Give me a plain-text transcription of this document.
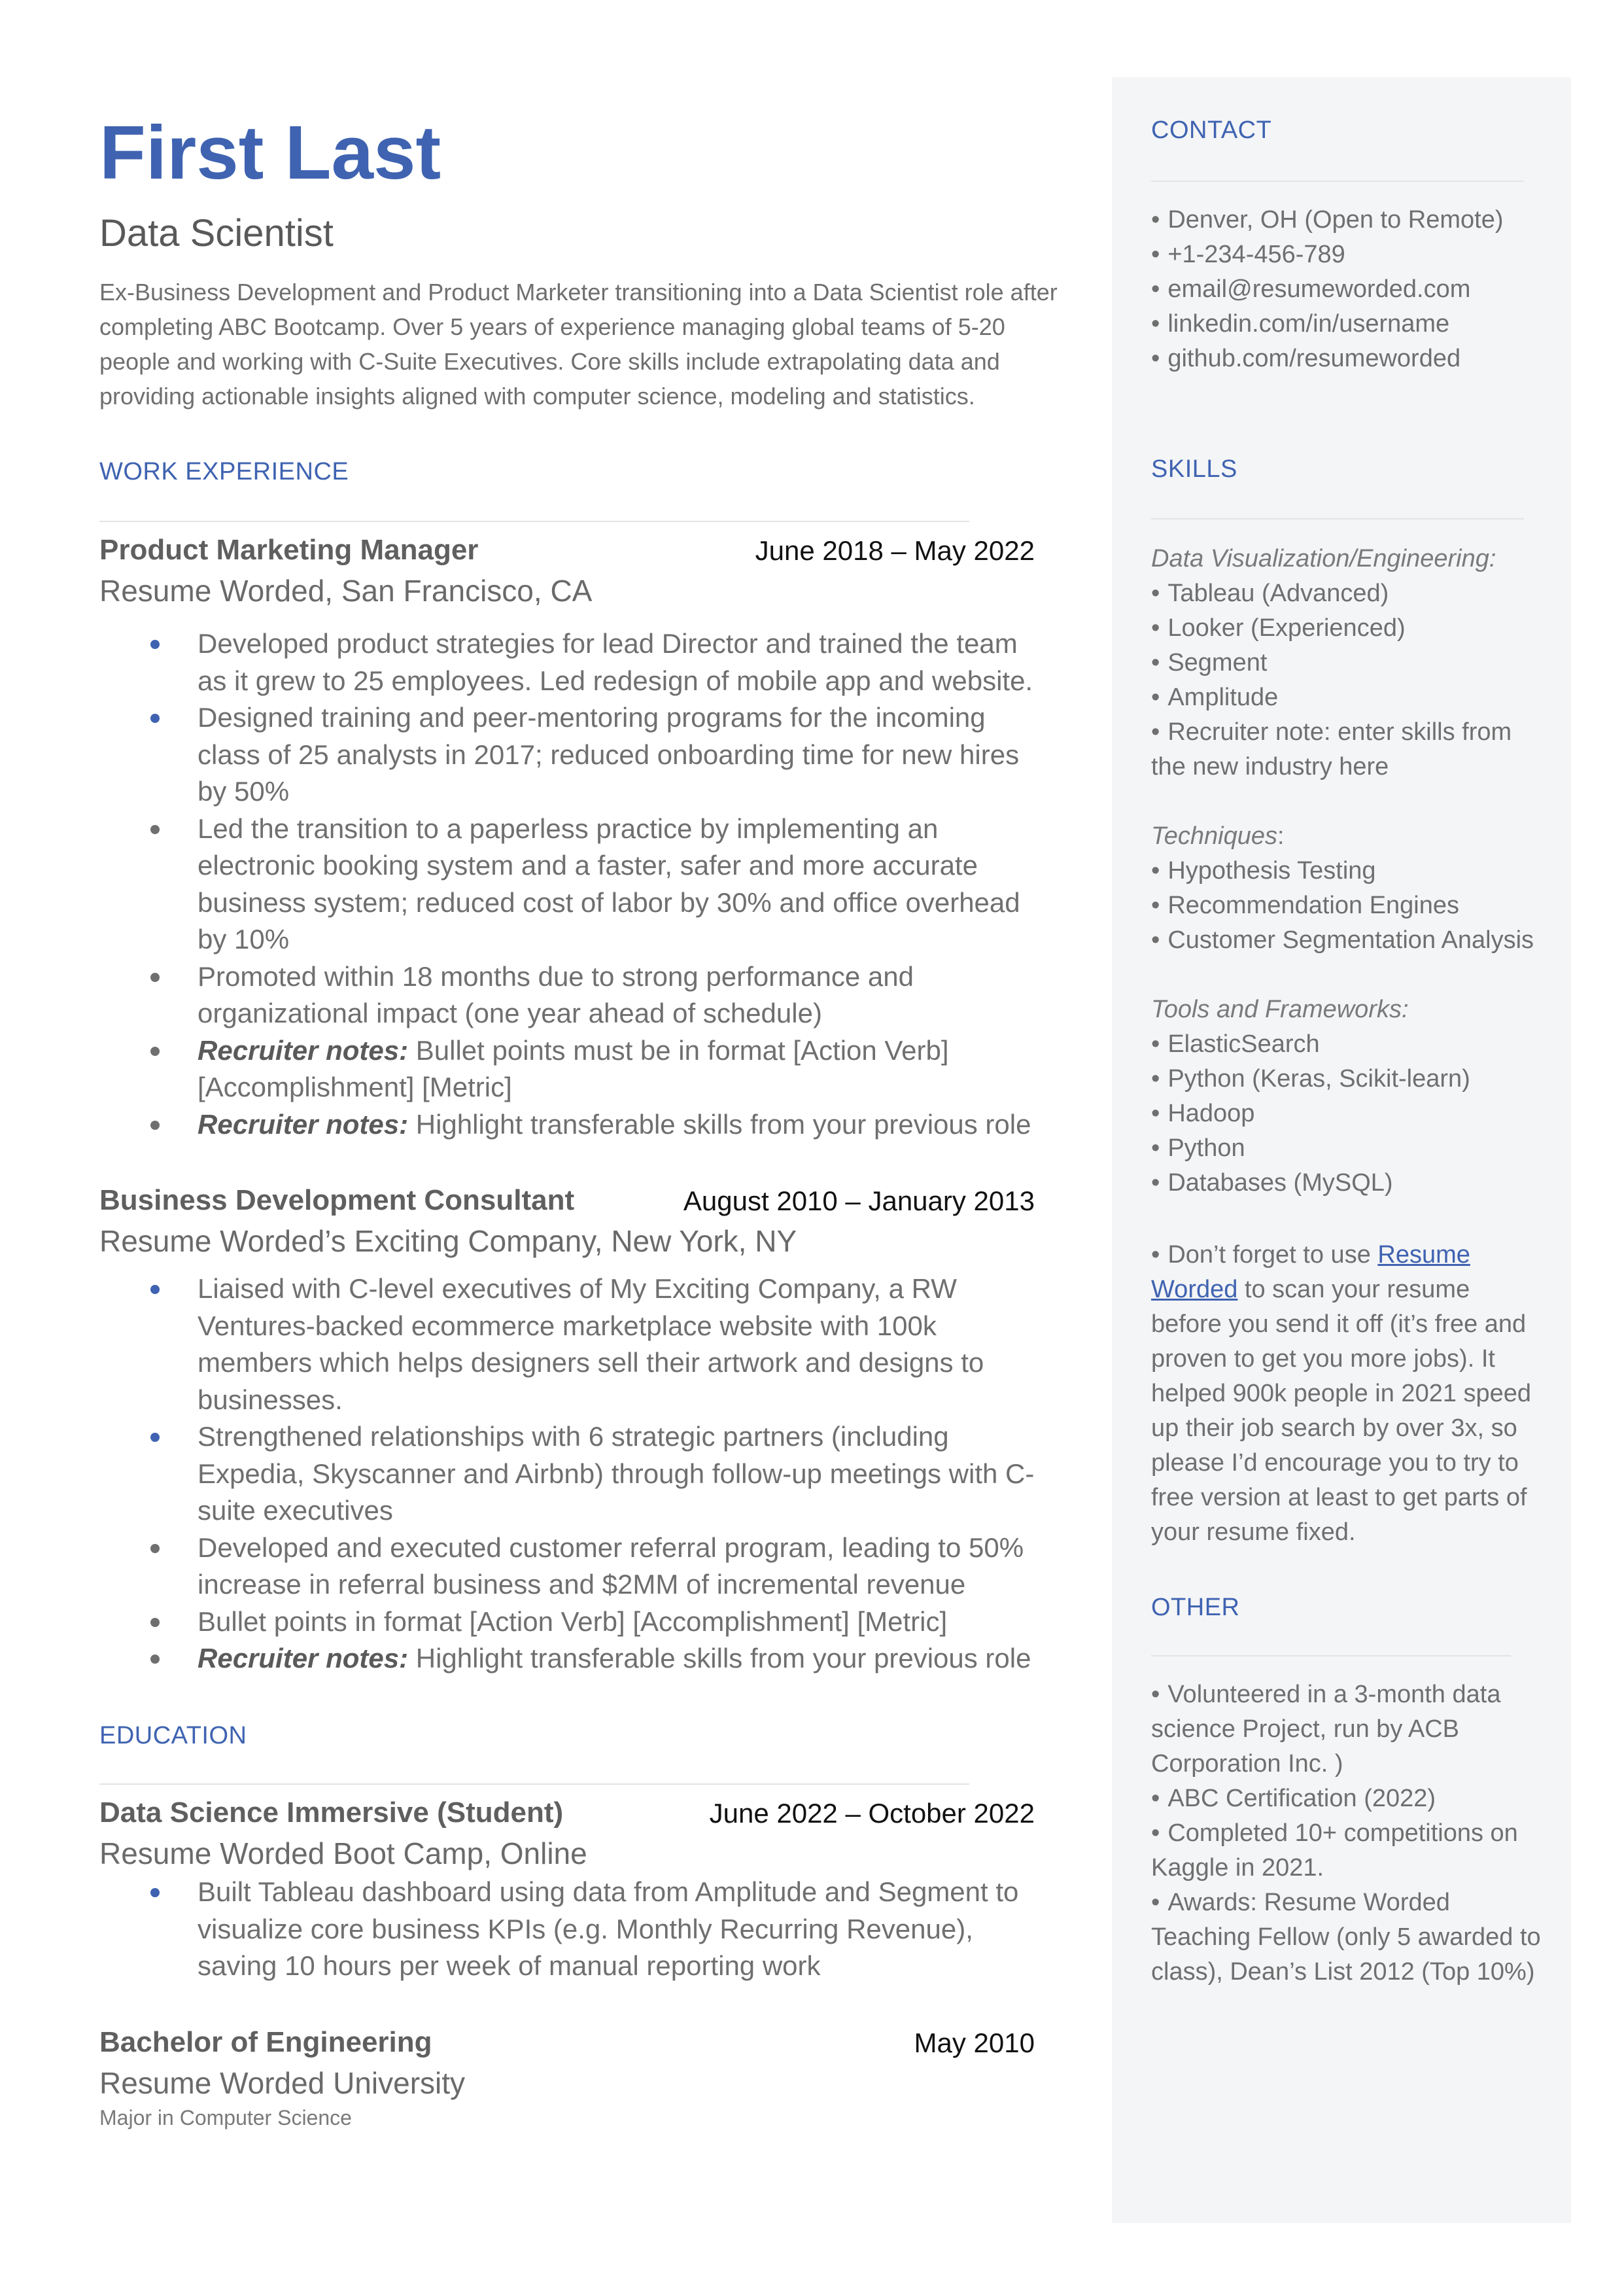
First Last
Data Scientist
Ex-Business Development and Product Marketer transitioning into a Data Scientist role after completing ABC Bootcamp. Over 5 years of experience managing global teams of 5-20 people and working with C-Suite Executives. Core skills include extrapolating data and providing actionable insights aligned with computer science, modeling and statistics.
WORK EXPERIENCE
Product Marketing Manager	June 2018 – May 2022
Resume Worded, San Francisco, CA
Developed product strategies for lead Director and trained the team as it grew to 25 employees. Led redesign of mobile app and website.
Designed training and peer-mentoring programs for the incoming class of 25 analysts in 2017; reduced onboarding time for new hires by 50%
Led the transition to a paperless practice by implementing an electronic booking system and a faster, safer and more accurate business system; reduced cost of labor by 30% and office overhead by 10%
Promoted within 18 months due to strong performance and organizational impact (one year ahead of schedule)
Recruiter notes: Bullet points must be in format [Action Verb] [Accomplishment] [Metric]
Recruiter notes: Highlight transferable skills from your previous role
Business Development Consultant	August 2010 – January 2013
Resume Worded’s Exciting Company, New York, NY
Liaised with C-level executives of My Exciting Company, a RW Ventures-backed ecommerce marketplace website with 100k members which helps designers sell their artwork and designs to businesses.
Strengthened relationships with 6 strategic partners (including Expedia, Skyscanner and Airbnb) through follow-up meetings with C-suite executives
Developed and executed customer referral program, leading to 50% increase in referral business and $2MM of incremental revenue
Bullet points in format [Action Verb] [Accomplishment] [Metric]
Recruiter notes: Highlight transferable skills from your previous role
EDUCATION
Data Science Immersive (Student)	June 2022 – October 2022
Resume Worded Boot Camp, Online
Built Tableau dashboard using data from Amplitude and Segment to visualize core business KPIs (e.g. Monthly Recurring Revenue), saving 10 hours per week of manual reporting work
Bachelor of Engineering	May 2010
Resume Worded University
Major in Computer Science
CONTACT
• Denver, OH (Open to Remote)
• +1-234-456-789
• email@resumeworded.com
• linkedin.com/in/username
• github.com/resumeworded
SKILLS
Data Visualization/Engineering:
• Tableau (Advanced)
• Looker (Experienced)
• Segment
• Amplitude
• Recruiter note: enter skills from the new industry here
Techniques:
• Hypothesis Testing
• Recommendation Engines
• Customer Segmentation Analysis
Tools and Frameworks:
• ElasticSearch
• Python (Keras, Scikit-learn)
• Hadoop
• Python
• Databases (MySQL)
• Don’t forget to use Resume Worded to scan your resume before you send it off (it’s free and proven to get you more jobs). It helped 900k people in 2021 speed up their job search by over 3x, so please I’d encourage you to try to free version at least to get parts of your resume fixed.
OTHER
• Volunteered in a 3-month data science Project, run by ACB Corporation Inc. )
• ABC Certification (2022)
• Completed 10+ competitions on Kaggle in 2021.
• Awards: Resume Worded Teaching Fellow (only 5 awarded to class), Dean’s List 2012 (Top 10%)
